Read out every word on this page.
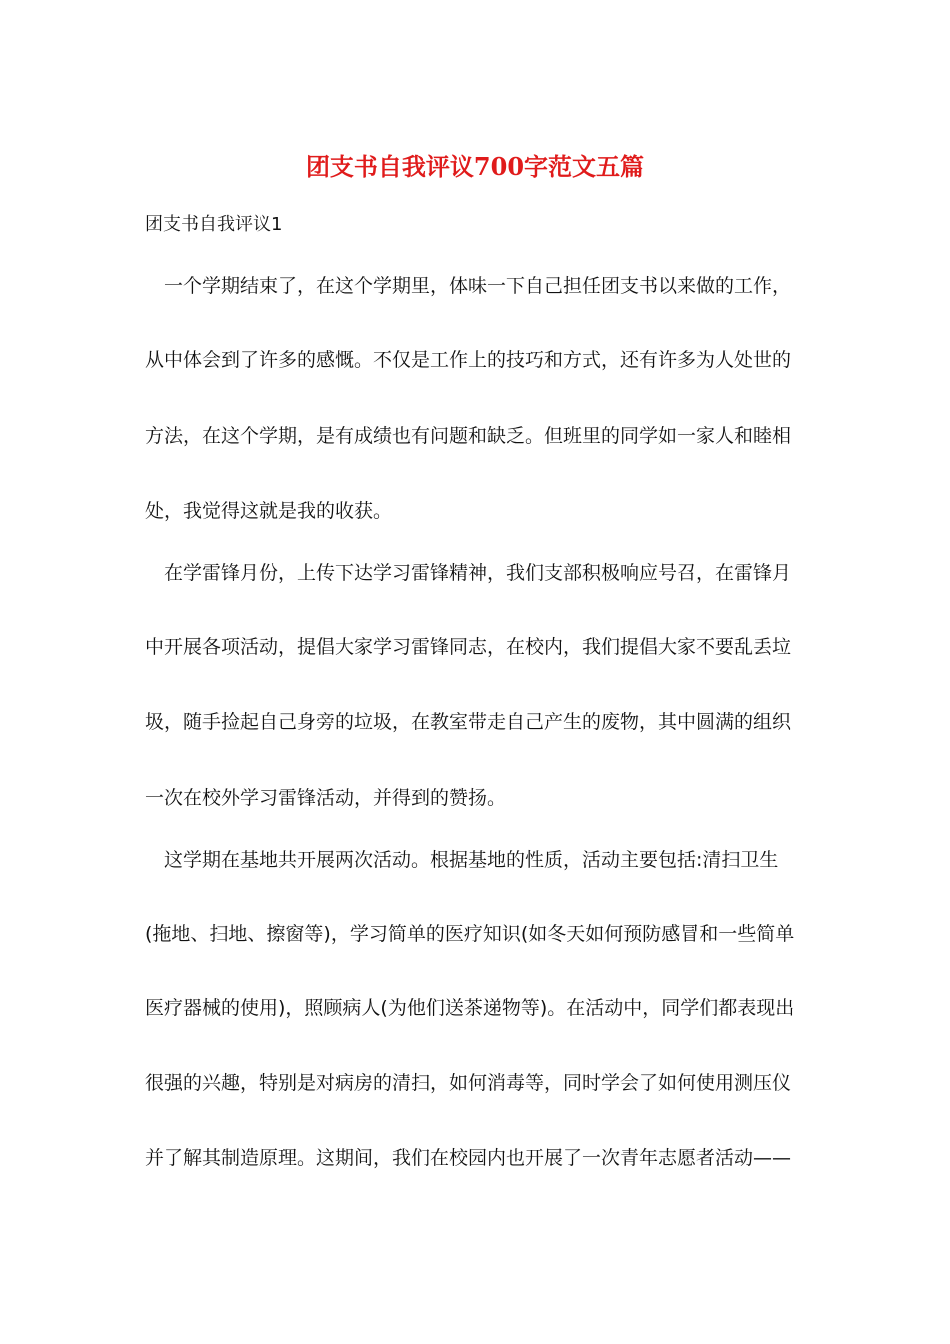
团支书自我评议700字范文五篇
团支书自我评议1
一个学期结束了，在这个学期里，体味一下自己担任团支书以来做的工作，
从中体会到了许多的感慨。不仅是工作上的技巧和方式，还有许多为人处世的
方法，在这个学期，是有成绩也有问题和缺乏。但班里的同学如一家人和睦相
处，我觉得这就是我的收获。
在学雷锋月份，上传下达学习雷锋精神，我们支部积极响应号召，在雷锋月
中开展各项活动，提倡大家学习雷锋同志，在校内，我们提倡大家不要乱丢垃
圾，随手捡起自己身旁的垃圾，在教室带走自己产生的废物，其中圆满的组织
一次在校外学习雷锋活动，并得到的赞扬。
这学期在基地共开展两次活动。根据基地的性质，活动主要包括:清扫卫生
(拖地、扫地、擦窗等)，学习简单的医疗知识(如冬天如何预防感冒和一些简单
医疗器械的使用)，照顾病人(为他们送茶递物等)。在活动中，同学们都表现出
很强的兴趣，特别是对病房的清扫，如何消毒等，同时学会了如何使用测压仪
并了解其制造原理。这期间，我们在校园内也开展了一次青年志愿者活动——
